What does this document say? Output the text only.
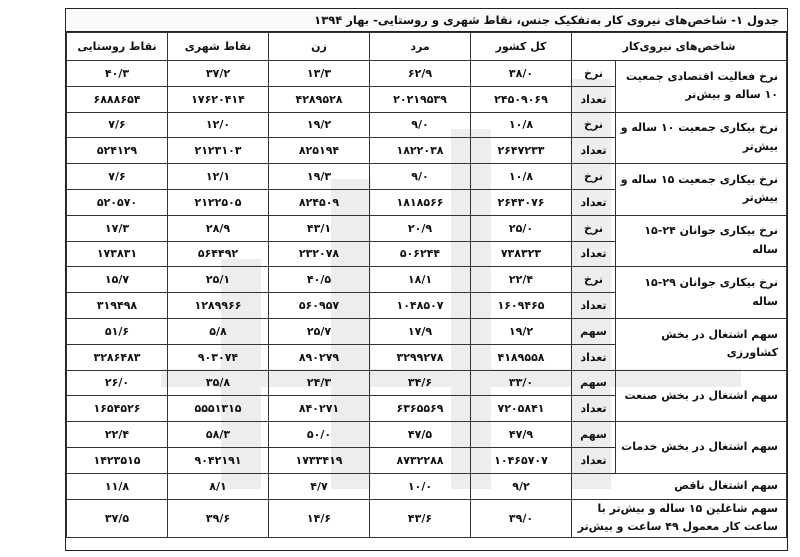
جدول ۱- شاخص‌های نیروی کار به‌تفکیک جنس، نقاط شهری و روستایی- بهار ۱۳۹۴
شاخص‌های نیروی‌کار		کل کشور	مرد	زن	نقاط شهری	نقاط روستایی
نرخ فعالیت اقتصادی جمعیت ۱۰ ساله و بیش‌تر	نرخ	۳۸/۰	۶۲/۹	۱۳/۳	۳۷/۲	۴۰/۳
	تعداد	۲۴۵۰۹۰۶۹	۲۰۲۱۹۵۳۹	۴۲۸۹۵۲۸	۱۷۶۲۰۴۱۴	۶۸۸۸۶۵۴
نرخ بیکاری جمعیت ۱۰ ساله و بیش‌تر	نرخ	۱۰/۸	۹/۰	۱۹/۲	۱۲/۰	۷/۶
	تعداد	۲۶۴۷۲۳۳	۱۸۲۲۰۳۸	۸۲۵۱۹۴	۲۱۲۳۱۰۳	۵۲۴۱۲۹
نرخ بیکاری جمعیت ۱۵ ساله و بیش‌تر	نرخ	۱۰/۸	۹/۰	۱۹/۳	۱۲/۱	۷/۶
	تعداد	۲۶۴۳۰۷۶	۱۸۱۸۵۶۶	۸۲۴۵۰۹	۲۱۲۲۵۰۵	۵۲۰۵۷۰
نرخ بیکاری جوانان ۲۴-۱۵ ساله	نرخ	۲۵/۰	۲۰/۹	۴۳/۱	۲۸/۹	۱۷/۳
	تعداد	۷۳۸۳۲۳	۵۰۶۲۴۴	۲۳۲۰۷۸	۵۶۴۴۹۲	۱۷۳۸۳۱
نرخ بیکاری جوانان ۲۹-۱۵ ساله	نرخ	۲۲/۴	۱۸/۱	۴۰/۵	۲۵/۱	۱۵/۷
	تعداد	۱۶۰۹۴۶۵	۱۰۴۸۵۰۷	۵۶۰۹۵۷	۱۲۸۹۹۶۶	۳۱۹۴۹۸
سهم اشتغال در بخش کشاورزی	سهم	۱۹/۲	۱۷/۹	۲۵/۷	۵/۸	۵۱/۶
	تعداد	۴۱۸۹۵۵۸	۳۲۹۹۲۷۸	۸۹۰۲۷۹	۹۰۳۰۷۴	۳۲۸۶۴۸۳
سهم اشتغال در بخش صنعت	سهم	۳۳/۰	۳۴/۶	۲۴/۳	۳۵/۸	۲۶/۰
	تعداد	۷۲۰۵۸۴۱	۶۳۶۵۵۶۹	۸۴۰۲۷۱	۵۵۵۱۳۱۵	۱۶۵۴۵۲۶
سهم اشتغال در بخش خدمات	سهم	۴۷/۹	۴۷/۵	۵۰/۰	۵۸/۳	۲۲/۴
	تعداد	۱۰۴۶۵۷۰۷	۸۷۳۲۲۸۸	۱۷۳۳۴۱۹	۹۰۴۲۱۹۱	۱۴۲۳۵۱۵
سهم اشتغال ناقص		۹/۲	۱۰/۰	۴/۷	۸/۱	۱۱/۸
سهم شاغلین ۱۵ ساله و بیش‌تر با ساعت کار معمول ۴۹ ساعت و بیش‌تر		۳۹/۰	۴۳/۶	۱۴/۶	۳۹/۶	۳۷/۵
